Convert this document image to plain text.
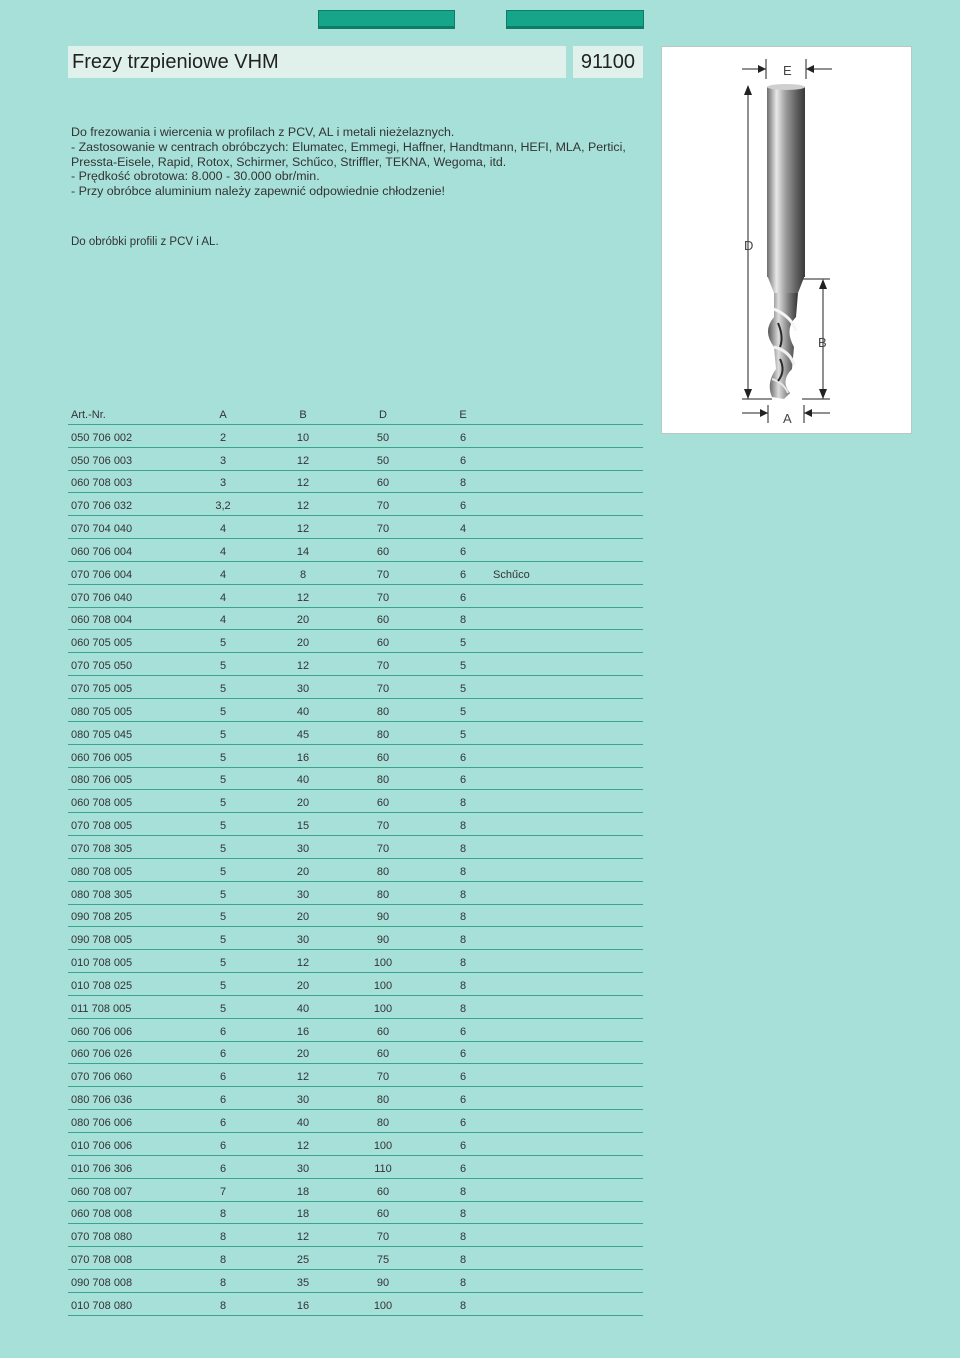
Frezy trzpieniowe VHM	91100
Do frezowania i wiercenia w profilach z PCV, AL i metali nieżelaznych.
- Zastosowanie w centrach obróbczych: Elumatec, Emmegi, Haffner, Handtmann, HEFI, MLA, Pertici,
Pressta-Eisele, Rapid, Rotox, Schirmer, Schűco, Striffler, TEKNA, Wegoma, itd.
- Prędkość obrotowa: 8.000 - 30.000 obr/min.
- Przy obróbce aluminium należy zapewnić odpowiednie chłodzenie!
Do obróbki profili z PCV i AL.
E
D
B
A
Art.-Nr.	A	B	D	E
050 706 002	2	10	50	6
050 706 003	3	12	50	6
060 708 003	3	12	60	8
070 706 032	3,2	12	70	6
070 704 040	4	12	70	4
060 706 004	4	14	60	6
070 706 004	4	8	70	6	Schűco
070 706 040	4	12	70	6
060 708 004	4	20	60	8
060 705 005	5	20	60	5
070 705 050	5	12	70	5
070 705 005	5	30	70	5
080 705 005	5	40	80	5
080 705 045	5	45	80	5
060 706 005	5	16	60	6
080 706 005	5	40	80	6
060 708 005	5	20	60	8
070 708 005	5	15	70	8
070 708 305	5	30	70	8
080 708 005	5	20	80	8
080 708 305	5	30	80	8
090 708 205	5	20	90	8
090 708 005	5	30	90	8
010 708 005	5	12	100	8
010 708 025	5	20	100	8
011 708 005	5	40	100	8
060 706 006	6	16	60	6
060 706 026	6	20	60	6
070 706 060	6	12	70	6
080 706 036	6	30	80	6
080 706 006	6	40	80	6
010 706 006	6	12	100	6
010 706 306	6	30	110	6
060 708 007	7	18	60	8
060 708 008	8	18	60	8
070 708 080	8	12	70	8
070 708 008	8	25	75	8
090 708 008	8	35	90	8
010 708 080	8	16	100	8
